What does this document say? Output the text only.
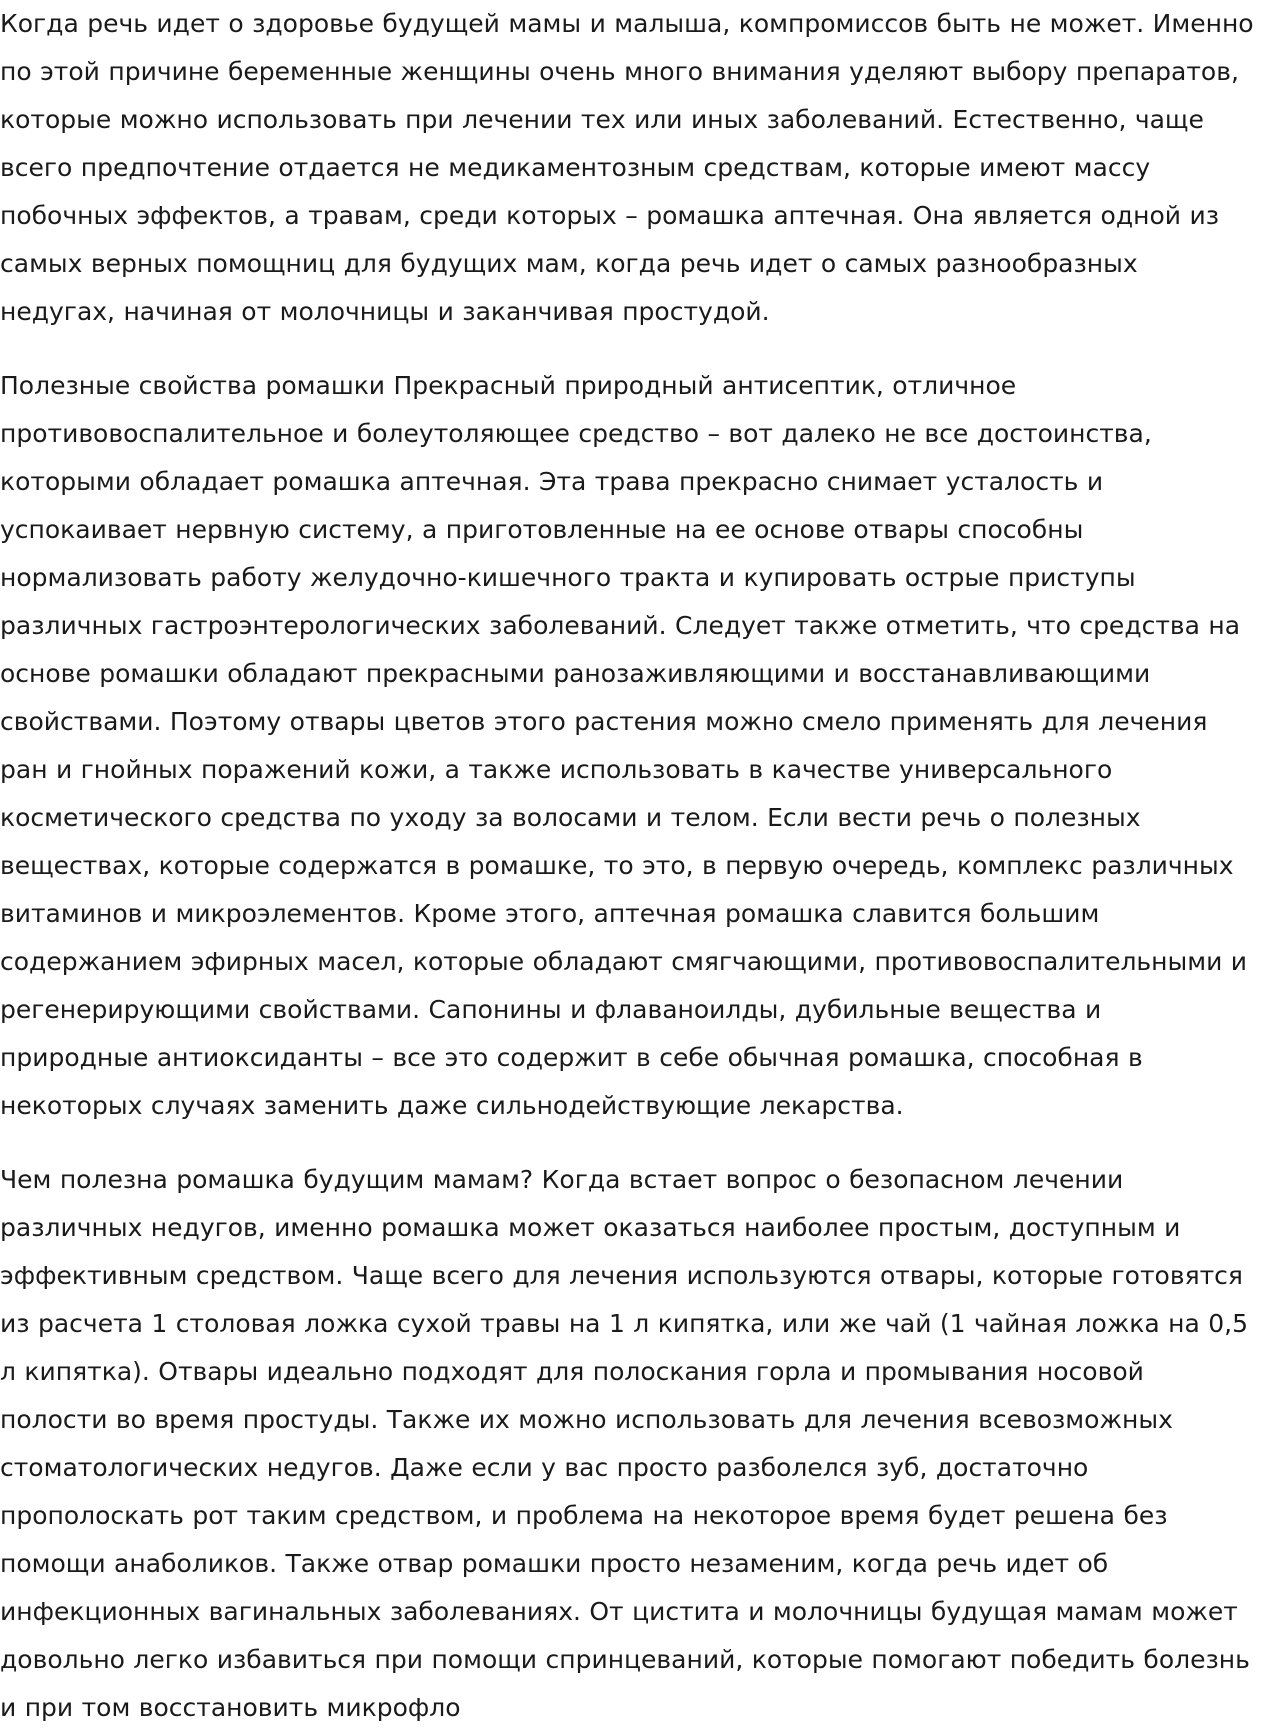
Когда речь идет о здоровье будущей мамы и малыша, компромиссов быть не может. Именно по этой причине беременные женщины очень много внимания уделяют выбору препаратов, которые можно использовать при лечении тех или иных заболеваний. Естественно, чаще всего предпочтение отдается не медикаментозным средствам, которые имеют массу побочных эффектов, а травам, среди которых – ромашка аптечная. Она является одной из самых верных помощниц для будущих мам, когда речь идет о самых разнообразных недугах, начиная от молочницы и заканчивая простудой.

Полезные свойства ромашки Прекрасный природный антисептик, отличное противовоспалительное и болеутоляющее средство – вот далеко не все достоинства, которыми обладает ромашка аптечная. Эта трава прекрасно снимает усталость и успокаивает нервную систему, а приготовленные на ее основе отвары способны нормализовать работу желудочно-кишечного тракта и купировать острые приступы различных гастроэнтерологических заболеваний. Следует также отметить, что средства на основе ромашки обладают прекрасными ранозаживляющими и восстанавливающими свойствами. Поэтому отвары цветов этого растения можно смело применять для лечения ран и гнойных поражений кожи, а также использовать в качестве универсального косметического средства по уходу за волосами и телом. Если вести речь о полезных веществах, которые содержатся в ромашке, то это, в первую очередь, комплекс различных витаминов и микроэлементов. Кроме этого, аптечная ромашка славится большим содержанием эфирных масел, которые обладают смягчающими, противовоспалительными и регенерирующими свойствами. Сапонины и флаваноилды, дубильные вещества и природные антиоксиданты – все это содержит в себе обычная ромашка, способная в некоторых случаях заменить даже сильнодействующие лекарства.

Чем полезна ромашка будущим мамам? Когда встает вопрос о безопасном лечении различных недугов, именно ромашка может оказаться наиболее простым, доступным и эффективным средством. Чаще всего для лечения используются отвары, которые готовятся из расчета 1 столовая ложка сухой травы на 1 л кипятка, или же чай (1 чайная ложка на 0,5 л кипятка). Отвары идеально подходят для полоскания горла и промывания носовой полости во время простуды. Также их можно использовать для лечения всевозможных стоматологических недугов. Даже если у вас просто разболелся зуб, достаточно прополоскать рот таким средством, и проблема на некоторое время будет решена без помощи анаболиков. Также отвар ромашки просто незаменим, когда речь идет об инфекционных вагинальных заболеваниях. От цистита и молочницы будущая мамам может довольно легко избавиться при помощи спринцеваний, которые помогают победить болезнь и при том восстановить микрофло
